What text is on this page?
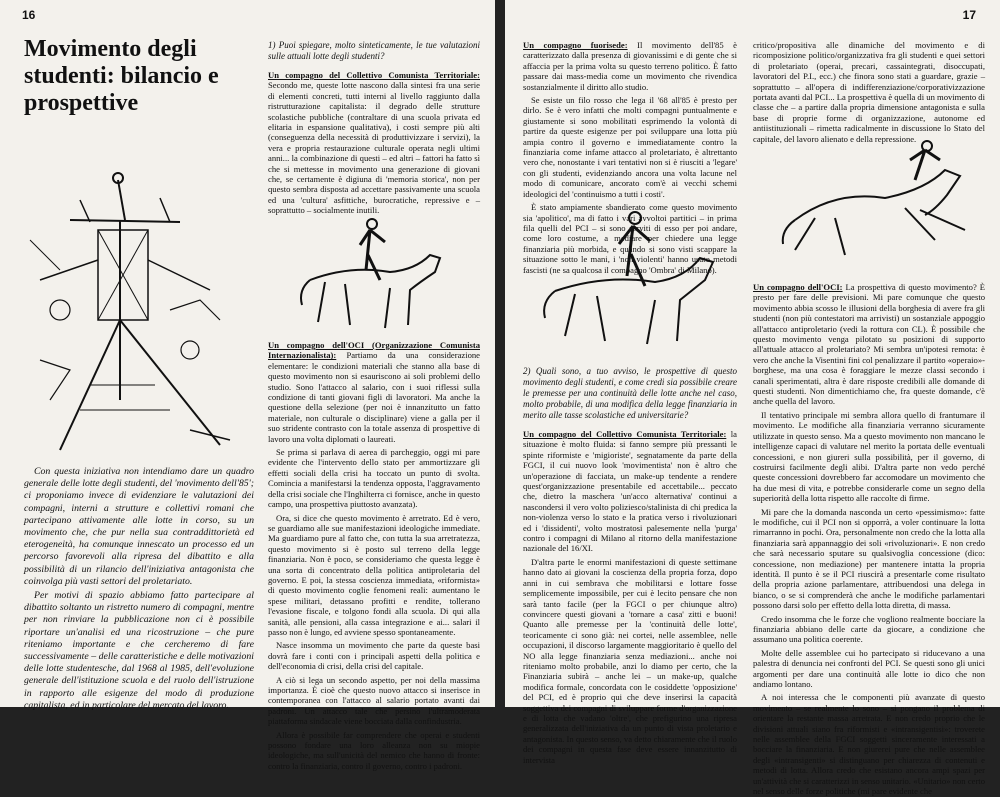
16
Movimento degli studenti: bilancio e prospettive

Con questa iniziativa non intendiamo dare un quadro generale delle lotte degli studenti, del 'movimento dell'85'; ci proponiamo invece di evidenziare le valutazioni dei compagni, interni a strutture e collettivi romani che partecipano attivamente alle lotte in corso, su un movimento che, che pur nella sua contraddittorietà ed eterogeneità, ha comunque innescato un processo ed un percorso favorevoli alla ripresa del dibattito e alla possibilità di un rilancio dell'iniziativa antagonista che coinvolga più vasti settori del proletariato.

Per motivi di spazio abbiamo fatto partecipare al dibattito soltanto un ristretto numero di compagni, mentre per non rinviare la pubblicazione non ci è possibile riportare un'analisi ed una ricostruzione – che pure riteniamo importante e che cercheremo di fare successivamente – delle caratteristiche e delle motivazioni delle lotte studentesche, dal 1968 al 1985, dell'evoluzione generale dell'istituzione scuola e del ruolo dell'istruzione in rapporto alle esigenze del modo di produzione capitalista, ed in particolare del mercato del lavoro.

1) Puoi spiegare, molto sinteticamente, le tue valutazioni sulle attuali lotte degli studenti?

Un compagno del Collettivo Comunista Territoriale: Secondo me, queste lotte nascono dalla sintesi fra una serie di elementi concreti, tutti interni al livello raggiunto dalla ristrutturazione capitalista: il degrado delle strutture scolastiche pubbliche (contraltare di una scuola privata ed elitaria in espansione qualitativa), i costi sempre più alti (conseguenza della necessità di produttivizzare i servizi), la vera e propria restaurazione culturale operata negli ultimi anni... la combinazione di questi – ed altri – fattori ha fatto sì che si mettesse in movimento una generazione di giovani che, se certamente è digiuna di 'memoria storica', non per questo sembra disposta ad accettare passivamente una scuola ed una 'cultura' asfittiche, burocratiche, repressive e – soprattutto – socialmente inutili.

Un compagno dell'OCI (Organizzazione Comunista Internazionalista): Partiamo da una considerazione elementare: le condizioni materiali che stanno alla base di questo movimento non si esauriscono ai soli problemi dello studio. Sono l'attacco al salario, con i suoi riflessi sulla condizione di tanti giovani figli di lavoratori. Ma anche la questione della selezione (per noi è innanzitutto un fatto materiale, non culturale o disciplinare) viene a galla per il suo stridente contrasto con la totale assenza di prospettive di lavoro una volta diplomati o laureati.

Se prima si parlava di aerea di parcheggio, oggi mi pare evidente che l'intervento dello stato per ammortizzare gli effetti sociali della crisi ha toccato un punto di svolta. Comincia a manifestarsi la tendenza opposta, l'aggravamento della crisi sociale che l'Inghilterra ci fornisce, anche in questo campo, una prospettiva piuttosto avanzata).

Ora, si dice che questo movimento è arretrato. Ed è vero, se guardiamo alle sue manifestazioni ideologiche immediate. Ma guardiamo pure al fatto che, con tutta la sua arretratezza, questo movimento si è posto sul terreno della legge finanziaria. Non è poco, se consideriamo che questa legge è una sorta di concentrato della politica antiproletaria del governo. E poi, la stessa coscienza immediata, «riformista» di questo movimento coglie fenomeni reali: aumentano le spese militari, detassano profitti e rendite, tollerano l'evasione fiscale, e tolgono fondi alla scuola. Di qui alla sanità, alle pensioni, alla cassa integrazione e ai... salari il passo non è lungo, ed avviene spesso spontaneamente.

Nasce insomma un movimento che parte da queste basi dovrà fare i conti con i principali aspetti della politica e dell'economia di crisi, della crisi del capitale.

A ciò si lega un secondo aspetto, per noi della massima importanza. È cioè che questo nuovo attacco si inserisce in contemporanea con l'attacco al salario portato avanti dai padroni. Un attacco tale che persino l'ultramoderata piattaforma sindacale viene bocciata dalla confindustria.

Allora è possibile far comprendere che operai e studenti possono fondare una loro alleanza non su miopie ideologiche, ma sull'unicità del nemico che hanno di fronte: contro la finanziaria, contro il governo, contro i padroni.

17

Un compagno fuorisede: Il movimento dell'85 è caratterizzato dalla presenza di giovanissimi e di gente che si affaccia per la prima volta su questo terreno politico. È fatto passare dai mass-media come un movimento che rivendica sostanzialmente il diritto allo studio.

Se esiste un filo rosso che lega il '68 all'85 è presto per dirlo. Se è vero infatti che molti compagni puntualmente e giustamente si sono mobilitati esprimendo la volontà di partire da queste esigenze per poi sviluppare una lotta più ampia contro il governo e immediatamente contro la finanziaria come infame attacco al proletariato, è altrettanto vero che, nonostante i vari tentativi non si è riusciti a 'legare' con gli studenti, evidenziando ancora una volta lacune nel modo di comunicare, ancorato com'è ai vecchi schemi ideologici del 'continuismo a tutti i costi'.

È stato ampiamente sbandierato come questo movimento sia 'apolitico', ma di fatto i vari avvoltoi partitici – in prima fila quelli del PCI – si sono serviti di esso per poi andare, come loro costume, a mediare per chiedere una legge finanziaria più morbida, e quando si sono visti scappare la situazione sotto le mani, i 'non violenti' hanno usato metodi fascisti (ne sa qualcosa il compagno 'Ombra' di Milano).

critico/propositiva alle dinamiche del movimento e di ricomposizione politico/organizzativa fra gli studenti e quei settori di proletariato (operai, precari, cassaintegrati, disoccupati, lavoratori del P.I., ecc.) che finora sono stati a guardare, grazie – soprattutto – all'opera di indifferenziazione/corporativizzazione portata avanti dal PCI... La prospettiva è quella di un movimento di classe che – a partire dalla propria dimensione antagonista e sulla base di proprie forme di organizzazione, autonome ed antiistituzionali – rimetta radicalmente in discussione lo Stato del capitale, del lavoro alienato e della repressione.

2) Quali sono, a tuo avviso, le prospettive di questo movimento degli studenti, e come credi sia possibile creare le premesse per una continuità delle lotte anche nel caso, molto probabile, di una modifica della legge finanziaria in merito alle tasse scolastiche ed universitarie?

Un compagno del Collettivo Comunista Territoriale: la situazione è molto fluida: si fanno sempre più pressanti le spinte riformiste e 'migioriste', segnatamente da parte della FGCI, il cui nuovo look 'movimentista' non è altro che un'operazione di facciata, un make-up tendente a rendere quest'organizzazione presentabile ed accettabile... peccato che, dietro la maschera 'un'acco alternativa' continui a nascondersi il vero volto poliziesco/stalinista di chi predica la non-violenza verso lo stato e la pratica verso i rivoluzionari ed i 'dissidenti', volto mostratosi palesemente nella 'purga' contro i compagni di Milano al ritorno della manifestazione nazionale del 16/XI.

D'altra parte le enormi manifestazioni di queste settimane hanno dato ai giovani la coscienza della propria forza, dopo anni in cui sembrava che mobilitarsi e lottare fosse semplicemente impossibile, per cui è lecito pensare che non sarà tanto facile (per la FGCI o per chiunque altro) convincere questi giovani a 'tornare a casa' zitti e buoni! Quanto alle premesse per la 'continuità delle lotte', teoricamente ci sono già: nei cortei, nelle assemblee, nelle occupazioni, il discorso largamente maggioritario è quello del NO alla legge finanziaria senza mediazioni... anche noi riteniamo molto probabile, anzi lo diamo per certo, che la Finanziaria subirà – anche lei – un make-up, qualche modifica formale, concordata con le cosiddette 'opposizione' del PCI, ed è proprio qui che deve inserirsi la capacità soggettiva dei compagni di sviluppare forme d'organizzazione e di lotta che vadano 'oltre', che prefigurino una ripresa generalizzata dell'iniziativa da un punto di vista proletario e antagonista. In questo senso, va detto chiaramente che il ruolo dei compagni in questa fase deve essere innanzitutto di intervista

Un compagno dell'OCI: La prospettiva di questo movimento? È presto per fare delle previsioni. Mi pare comunque che questo movimento abbia scosso le illusioni della borghesia di avere fra gli studenti (non più contestatori ma arrivisti) un sostanziale appoggio all'attacco antiproletario (vedi la rottura con CL). È possibile che questo movimento venga pilotato su posizioni di supporto all'attuale attacco al proletariato? Mi sembra un'ipotesi remota: è vero che anche la Visentini fini col penalizzare il partito «operaio»-borghese, ma una cosa è foraggiare le mezze classi secondo i canali sperimentati, altra è dare risposte credibili alle domande di questi studenti. Non dimentichiamo che, fra queste domande, c'è anche quella del lavoro.

Il tentativo principale mi sembra allora quello di frantumare il movimento. Le modifiche alla finanziaria verranno sicuramente utilizzate in questo senso. Ma a questo movimento non mancano le intelligenze capaci di valutare nel merito la portata delle eventuali concessioni, e non giureri sulla possibilità, per il governo, di costruirsi facilmente degli alibi. D'altra parte non vedo perché queste concessioni dovrebbero far accomodare un movimento che ha due mesi di vita, e potrebbe considerarle come un segno della superiorità della lotta rispetto alle raccolte di firme.

Mi pare che la domanda nasconda un certo «pessimismo»: fatte le modifiche, cui il PCI non si opporrà, a voler continuare la lotta rimarranno in pochi. Ora, personalmente non credo che la lotta alla finanziaria sarà appannaggio dei soli «rivoluzionari». E non credo che sarà necessario sputare su qualsivoglia concessione (dico: concessione, non mediazione) per mantenere intatta la propria identità. Il punto è se il PCI riuscirà a presentarle come risultato della propria azione parlamentare, attribuendosi una delega in bianco, o se si comprenderà che anche le modifiche parlamentari possono darsi solo per effetto della lotta diretta, di massa.

Credo insomma che le forze che vogliono realmente bocciare la finanziaria abbiano delle carte da giocare, a condizione che assumano una politica coerente.

Molte delle assemblee cui ho partecipato si riducevano a una palestra di denuncia nei confronti del PCI. Se questi sono gli unici argomenti per dare una continuità alle lotte io dico che non andiamo lontano.

A noi interessa che le componenti più avanzate di questo movimento – se realmente lo sono – si pongano il problema di orientare la restante massa arretrata. E non credo proprio che le divisioni attuali siano fra riformisti e «intransigentisi»: troverete nelle assemblee della FGCI soggetti sinceramente interessati a bocciare la finanziaria. E non giurerei pure che nelle assemblee degli «intransigenti» si distinguano per chiarezza di contenuti e metodi di lotta. Allora credo che esistano ancora ampi spazi per un'attività che si caratterizzi in senso unitario. «Unitario» non certo nel senso delle forze politiche (mi pare evidente che
